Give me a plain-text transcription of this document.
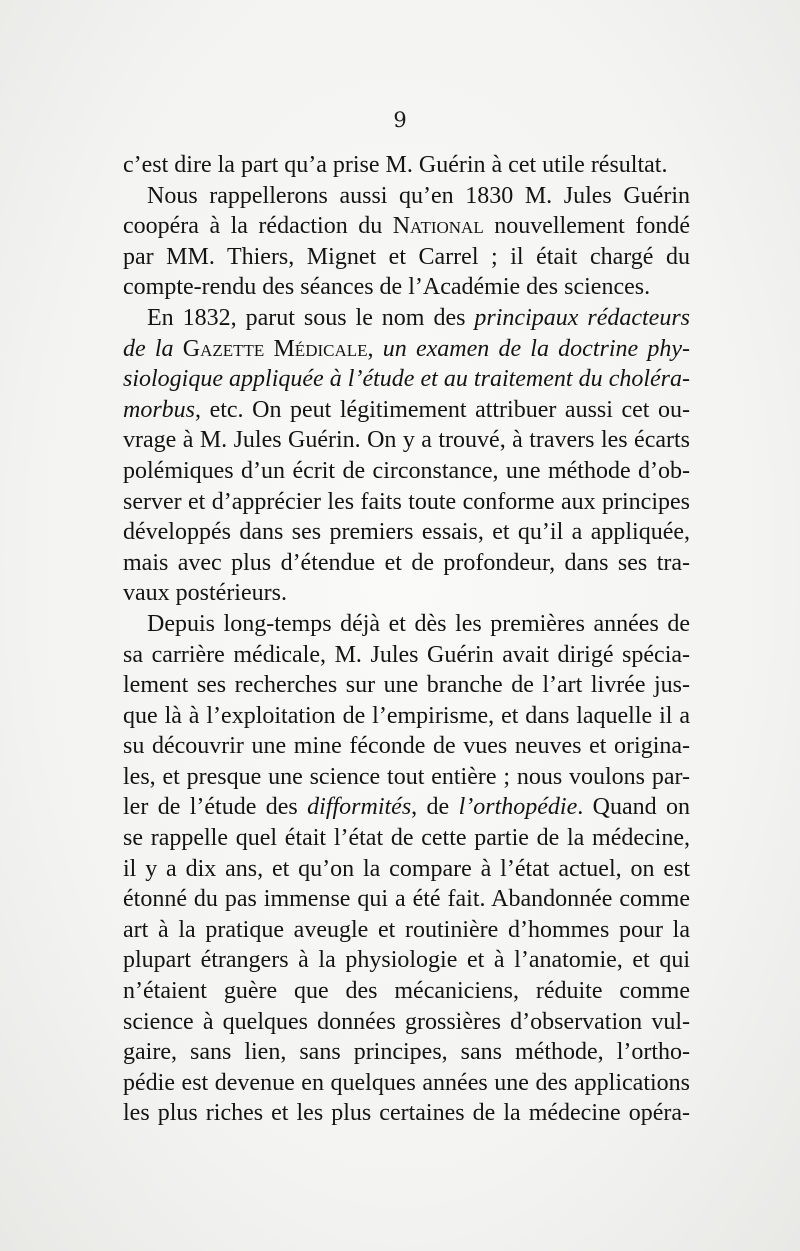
9
c’est dire la part qu’a prise M. Guérin à cet utile résultat.
Nous rappellerons aussi qu’en 1830 M. Jules Guérin
coopéra à la rédaction du National nouvellement fondé
par MM. Thiers, Mignet et Carrel ; il était chargé du
compte-rendu des séances de l’Académie des sciences.
En 1832, parut sous le nom des principaux rédacteurs
de la Gazette Médicale, un examen de la doctrine phy-
siologique appliquée à l’étude et au traitement du choléra-
morbus, etc. On peut légitimement attribuer aussi cet ou-
vrage à M. Jules Guérin. On y a trouvé, à travers les écarts
polémiques d’un écrit de circonstance, une méthode d’ob-
server et d’apprécier les faits toute conforme aux principes
développés dans ses premiers essais, et qu’il a appliquée,
mais avec plus d’étendue et de profondeur, dans ses tra-
vaux postérieurs.
Depuis long-temps déjà et dès les premières années de
sa carrière médicale, M. Jules Guérin avait dirigé spécia-
lement ses recherches sur une branche de l’art livrée jus-
que là à l’exploitation de l’empirisme, et dans laquelle il a
su découvrir une mine féconde de vues neuves et origina-
les, et presque une science tout entière ; nous voulons par-
ler de l’étude des difformités, de l’orthopédie. Quand on
se rappelle quel était l’état de cette partie de la médecine,
il y a dix ans, et qu’on la compare à l’état actuel, on est
étonné du pas immense qui a été fait. Abandonnée comme
art à la pratique aveugle et routinière d’hommes pour la
plupart étrangers à la physiologie et à l’anatomie, et qui
n’étaient guère que des mécaniciens, réduite comme
science à quelques données grossières d’observation vul-
gaire, sans lien, sans principes, sans méthode, l’ortho-
pédie est devenue en quelques années une des applications
les plus riches et les plus certaines de la médecine opéra-
